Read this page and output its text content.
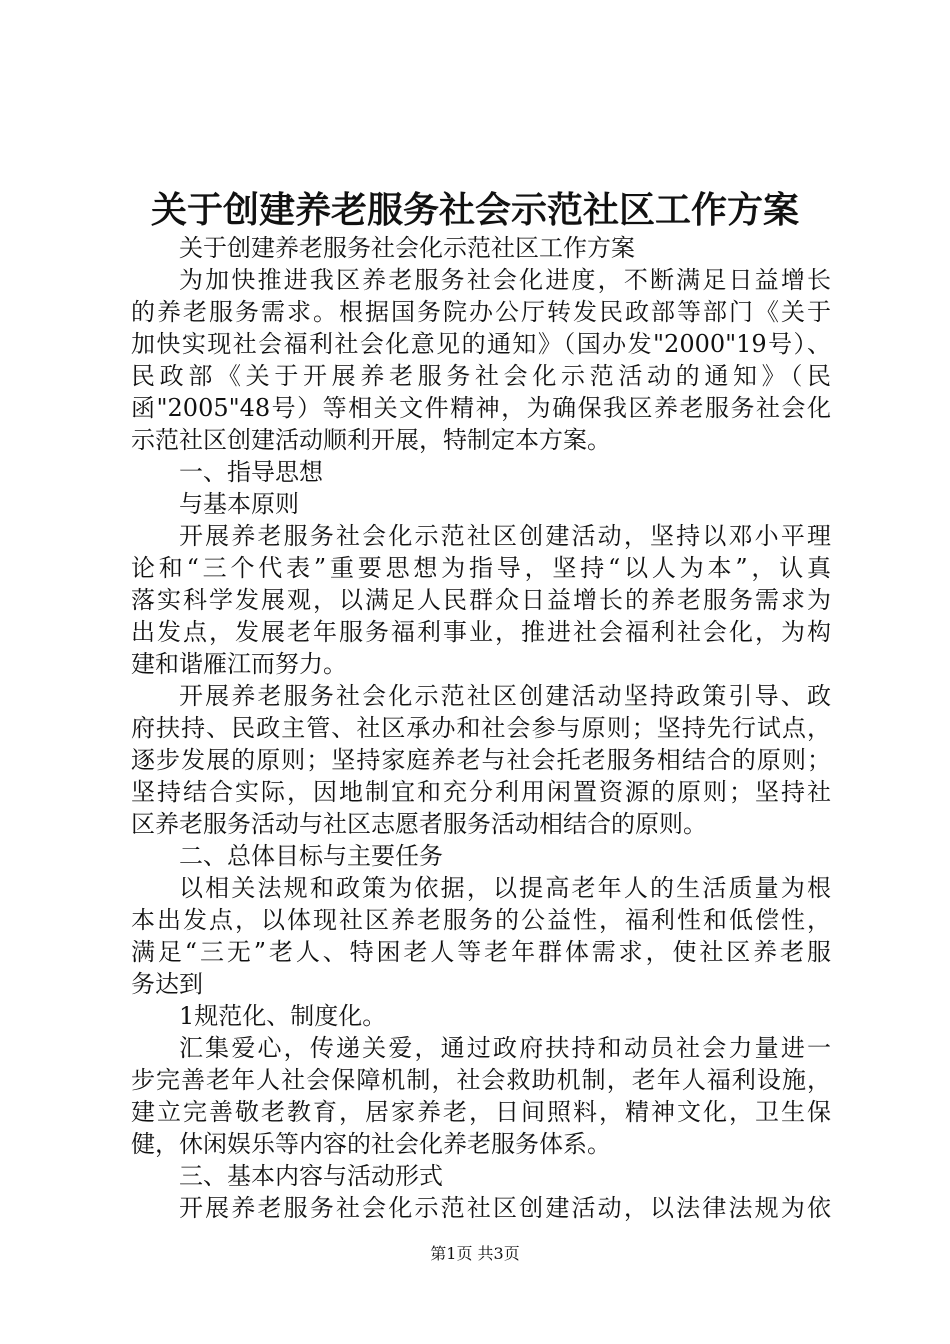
关于创建养老服务社会示范社区工作方案
关于创建养老服务社会化示范社区工作方案
为加快推进我区养老服务社会化进度，不断满足日益增长
的养老服务需求。根据国务院办公厅转发民政部等部门《关于
加快实现社会福利社会化意见的通知》（国办发"2000"19号）、
民政部《关于开展养老服务社会化示范活动的通知》（民
函"2005"48号）等相关文件精神，为确保我区养老服务社会化
示范社区创建活动顺利开展，特制定本方案。
一、指导思想
与基本原则
开展养老服务社会化示范社区创建活动，坚持以邓小平理
论和“三个代表”重要思想为指导，坚持“以人为本”，认真
落实科学发展观，以满足人民群众日益增长的养老服务需求为
出发点，发展老年服务福利事业，推进社会福利社会化，为构
建和谐雁江而努力。
开展养老服务社会化示范社区创建活动坚持政策引导、政
府扶持、民政主管、社区承办和社会参与原则；坚持先行试点，
逐步发展的原则；坚持家庭养老与社会托老服务相结合的原则；
坚持结合实际，因地制宜和充分利用闲置资源的原则；坚持社
区养老服务活动与社区志愿者服务活动相结合的原则。
二、总体目标与主要任务
以相关法规和政策为依据，以提高老年人的生活质量为根
本出发点，以体现社区养老服务的公益性，福利性和低偿性，
满足“三无”老人、特困老人等老年群体需求，使社区养老服
务达到
1规范化、制度化。
汇集爱心，传递关爱，通过政府扶持和动员社会力量进一
步完善老年人社会保障机制，社会救助机制，老年人福利设施，
建立完善敬老教育，居家养老，日间照料，精神文化，卫生保
健，休闲娱乐等内容的社会化养老服务体系。
三、基本内容与活动形式
开展养老服务社会化示范社区创建活动，以法律法规为依
第1页 共3页
